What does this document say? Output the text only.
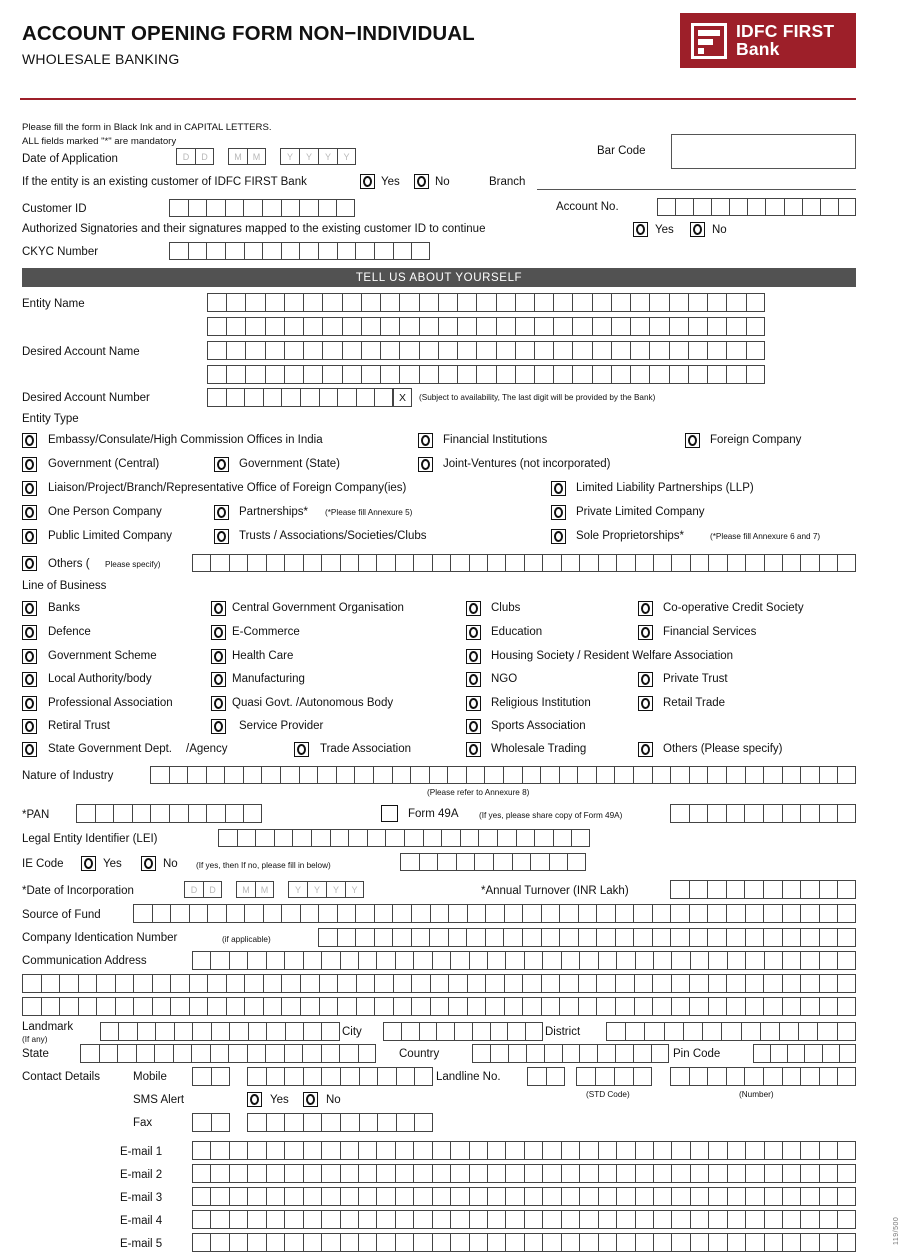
ACCOUNT OPENING FORM NON−INDIVIDUAL
WHOLESALE BANKING
IDFC FIRST
Bank
Please fill the form in Black Ink and in CAPITAL LETTERS.
ALL fields marked "*" are mandatory
Date of Application	D	D	M	M	Y	Y	Y	Y	Bar Code
If the entity is an existing customer of IDFC FIRST Bank	Yes	No	Branch
Customer ID	Account No.
Authorized Signatories and their signatures mapped to the existing customer ID to continue	Yes	No
CKYC Number
TELL US ABOUT YOURSELF
Entity Name
Desired Account Name
Desired Account Number	X	(Subject to availability, The last digit will be provided by the Bank)
Entity Type
Embassy/Consulate/High Commission Offices in India	Financial Institutions	Foreign Company
Government (Central)	Government (State)	Joint-Ventures (not incorporated)
Liaison/Project/Branch/Representative Office of Foreign Company(ies)	Limited Liability Partnerships (LLP)
One Person Company	Partnerships* (*Please fill Annexure 5)	Private Limited Company
Public Limited Company	Trusts / Associations/Societies/Clubs	Sole Proprietorships*	(*Please fill Annexure 6 and 7)
Others ( Please specify)
Line of Business
Banks	Central Government Organisation	Clubs	Co-operative Credit Society
Defence	E-Commerce	Education	Financial Services
Government Scheme	Health Care	Housing Society / Resident Welfare Association
Local Authority/body	Manufacturing	NGO	Private Trust
Professional Association	Quasi Govt. /Autonomous Body	Religious Institution	Retail Trade
Retiral Trust	Service Provider	Sports Association
State Government Dept. /Agency	Trade Association	Wholesale Trading	Others (Please specify)
Nature of Industry
(Please refer to Annexure 8)
*PAN	Form 49A	(If yes, please share copy of Form 49A)
Legal Entity Identifier (LEI)
IE Code	Yes	No (If yes, then If no, please fill in below)
*Date of Incorporation	D	D	M	M	Y	Y	Y	Y	*Annual Turnover (INR Lakh)
Source of Fund
Company Identication Number	(if applicable)
Communication Address
Landmark
(If any)
City	District
State	Country	Pin Code
Contact Details	Mobile	Landline No.
(STD Code)	(Number)
SMS Alert	Yes	No
Fax
E-mail 1
E-mail 2
E-mail 3
E-mail 4
E-mail 5	119/500
